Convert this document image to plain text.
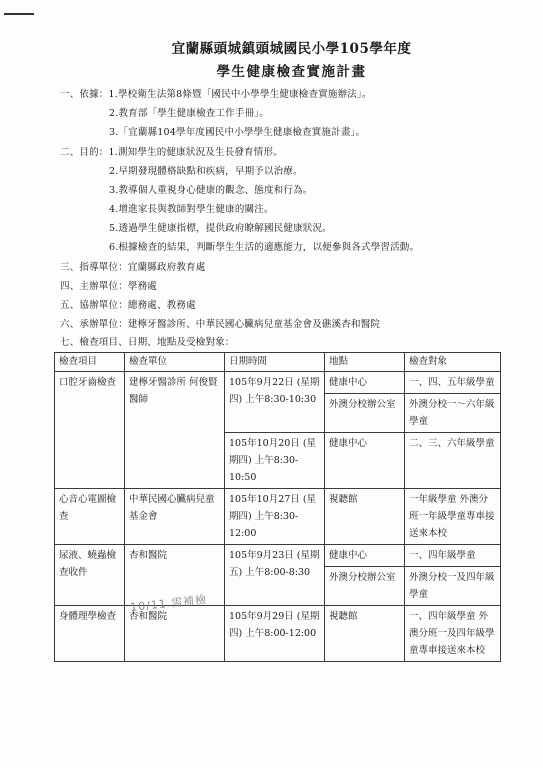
宜蘭縣頭城鎮頭城國民小學105學年度
學生健康檢查實施計畫
一、依據：1.學校衛生法第8條暨「國民中小學學生健康檢查實施辦法」。
2.教育部「學生健康檢查工作手冊」。
3.「宜蘭縣104學年度國民中小學學生健康檢查實施計畫」。
二、目的：1.測知學生的健康狀況及生長發育情形。
2.早期發現體格缺點和疾病，早期予以治療。
3.教導個人重視身心健康的觀念、態度和行為。
4.增進家長與教師對學生健康的關注。
5.透過學生健康指標，提供政府瞭解國民健康狀況。
6.根據檢查的結果，判斷學生生活的適應能力，以便參與各式學習活動。
三、指導單位：宜蘭縣政府教育處
四、主辦單位：學務處
五、協辦單位：總務處、教務處
六、承辦單位：建檸牙醫診所、中華民國心臟病兒童基金會及礁溪杏和醫院
檢查項目	檢查單位	日期時間	地點	檢查對象
口腔牙齒檢查	建檸牙醫診所 何俊賢醫師	105年9月22日 (星期四) 上午8:30-10:30	健康中心	一、四、五年級學童
			外澳分校辦公室	外澳分校一～六年級學童
		105年10月20日 (星期四) 上午8:30-10:50	健康中心	二、三、六年級學童
心音心電圖檢查	中華民國心臟病兒童基金會	105年10月27日 (星期四) 上午8:30-12:00	視聽館	一年級學童 外澳分班一年級學童專車接送來本校
尿液、蟯蟲檢查收件	杏和醫院	105年9月23日 (星期五) 上午8:00-8:30	健康中心	一、四年級學童
			外澳分校辦公室	外澳分校一及四年級學童
身體理學檢查	杏和醫院	105年9月29日 (星期四) 上午8:00-12:00	視聽館	一、四年級學童 外澳分班一及四年級學童專車接送來本校
七、檢查項目、日期、地點及受檢對象：
10/11 需補檢
